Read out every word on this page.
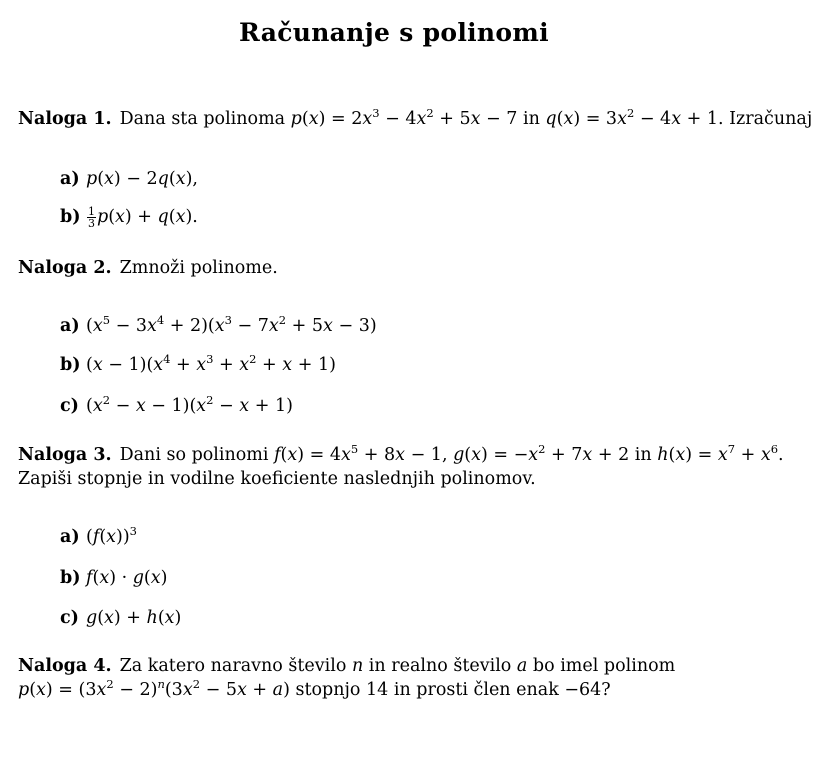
Računanje s polinomi
Naloga 1. Dana sta polinoma $p(x) = 2x^3 - 4x^2 + 5x - 7$ in $q(x) = 3x^2 - 4x + 1$. Izračunaj
a) p(x) − 2q(x),
$b) \frac{1}{3} p(x) + q(x)$.
Naloga 2. Zmnoži polinome.
a) $(x^5 - 3x^4 + 2)(x^3 - 7x^2 + 5x - 3)$
b) $(x - 1)(x^4 + x^3 + x^2 + x + 1)$
c) $(x^2 - x - 1)(x^2 - x + 1)$
Naloga 3. Dani so polinomi $f(x) = 4x^5 + 8x - 1$, $g(x) = -x^2 + 7x + 2$ in $h(x) = x^7 + x^6$.
Zapiši stopnje in vodilne koeficiente naslednjih polinomov.
a) $(f(x))^3$
b) f(x) · g(x)
c) g(x) + h(x)
Naloga 4. Za katero naravno število n in realno število a bo imel polinom
$p(x) = (3x^2 - 2)^n(3x^2 - 5x + a)$ stopnjo 14 in prosti člen enak −64?
